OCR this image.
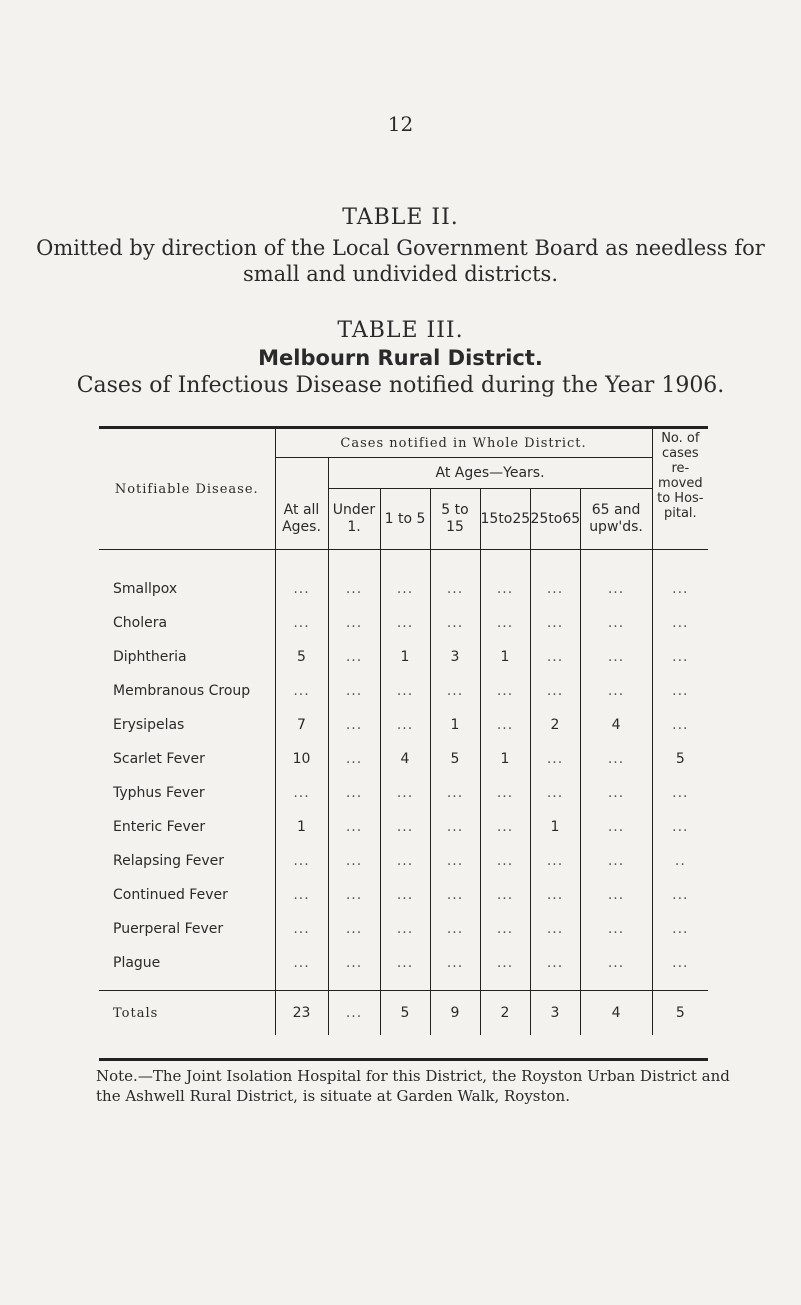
12
TABLE II.
Omitted by direction of the Local Government Board as needless for small and undivided districts.
TABLE III.
Melbourn Rural District.
Cases of Infectious Disease notified during the Year 1906.
Notifiable Disease.	Cases notified in Whole District.							No. of cases re-moved to Hos-pital.
	At all Ages.	At Ages—Years.						
		Under 1.	1 to 5	5 to 15	15to25	25to65	65 and upw'ds.	
Smallpox	...	...	...	...	...	...	...	...
Cholera	...	...	...	...	...	...	...	...
Diphtheria	5	...	1	3	1	...	...	...
Membranous Croup	...	...	...	...	...	...	...	...
Erysipelas	7	...	...	1	...	2	4	...
Scarlet Fever	10	...	4	5	1	...	...	5
Typhus Fever	...	...	...	...	...	...	...	...
Enteric Fever	1	...	...	...	...	1	...	...
Relapsing Fever	...	...	...	...	...	...	...	..
Continued Fever	...	...	...	...	...	...	...	...
Puerperal Fever	...	...	...	...	...	...	...	...
Plague	...	...	...	...	...	...	...	...
Totals	23	...	5	9	2	3	4	5
Note.—The Joint Isolation Hospital for this District, the Royston Urban District and the Ashwell Rural District, is situate at Garden Walk, Royston.
